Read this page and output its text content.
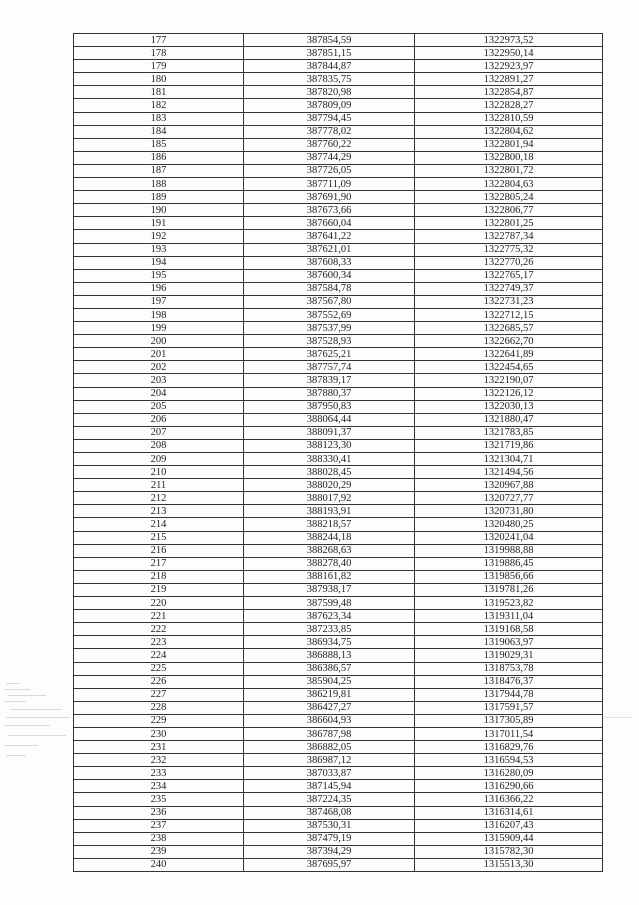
177	387854,59	1322973,52
178	387851,15	1322950,14
179	387844,87	1322923,97
180	387835,75	1322891,27
181	387820,98	1322854,87
182	387809,09	1322828,27
183	387794,45	1322810,59
184	387778,02	1322804,62
185	387760,22	1322801,94
186	387744,29	1322800,18
187	387726,05	1322801,72
188	387711,09	1322804,63
189	387691,90	1322805,24
190	387673,66	1322806,77
191	387660,04	1322801,25
192	387641,22	1322787,34
193	387621,01	1322775,32
194	387608,33	1322770,26
195	387600,34	1322765,17
196	387584,78	1322749,37
197	387567,80	1322731,23
198	387552,69	1322712,15
199	387537,99	1322685,57
200	387528,93	1322662,70
201	387625,21	1322641,89
202	387757,74	1322454,65
203	387839,17	1322190,07
204	387880,37	1322126,12
205	387950,83	1322030,13
206	388064,44	1321880,47
207	388091,37	1321783,85
208	388123,30	1321719,86
209	388330,41	1321304,71
210	388028,45	1321494,56
211	388020,29	1320967,88
212	388017,92	1320727,77
213	388193,91	1320731,80
214	388218,57	1320480,25
215	388244,18	1320241,04
216	388268,63	1319988,88
217	388278,40	1319886,45
218	388161,82	1319856,66
219	387938,17	1319781,26
220	387599,48	1319523,82
221	387623,34	1319311,04
222	387233,85	1319168,58
223	386934,75	1319063,97
224	386888,13	1319029,31
225	386386,57	1318753,78
226	385904,25	1318476,37
227	386219,81	1317944,78
228	386427,27	1317591,57
229	386604,93	1317305,89
230	386787,98	1317011,54
231	386882,05	1316829,76
232	386987,12	1316594,53
233	387033,87	1316280,09
234	387145,94	1316290,66
235	387224,35	1316366,22
236	387468,08	1316314,61
237	387530,31	1316207,43
238	387479,19	1315909,44
239	387394,29	1315782,30
240	387695,97	1315513,30
